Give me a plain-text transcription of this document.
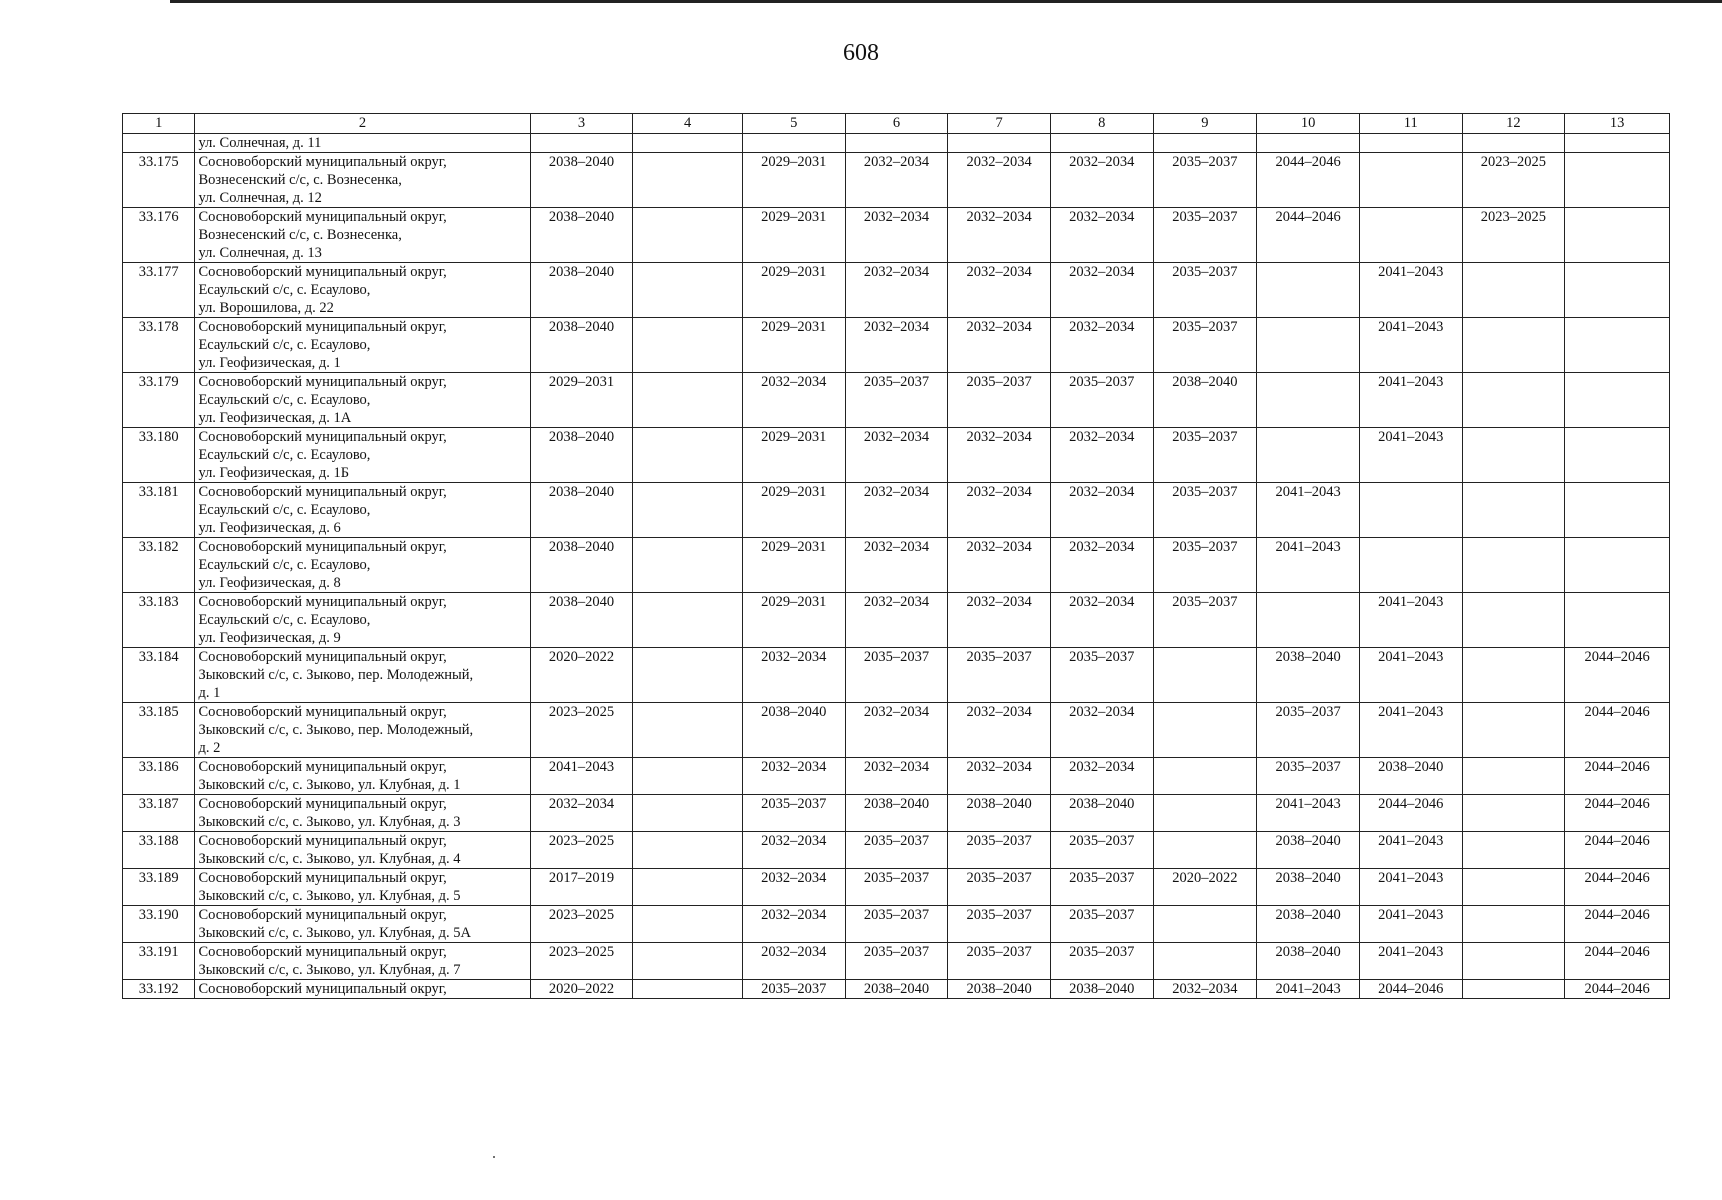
608
1	2	3	4	5	6	7	8	9	10	11	12	13

	ул. Солнечная, д. 11											

33.175	Сосновоборский муниципальный округ,
Вознесенский с/с, с. Вознесенка,
ул. Солнечная, д. 12	2038–2040		2029–2031	2032–2034	2032–2034	2032–2034	2035–2037	2044–2046		2023–2025	
33.176	Сосновоборский муниципальный округ,
Вознесенский с/с, с. Вознесенка,
ул. Солнечная, д. 13	2038–2040		2029–2031	2032–2034	2032–2034	2032–2034	2035–2037	2044–2046		2023–2025	
33.177	Сосновоборский муниципальный округ,
Есаульский с/с, с. Есаулово,
ул. Ворошилова, д. 22	2038–2040		2029–2031	2032–2034	2032–2034	2032–2034	2035–2037		2041–2043		
33.178	Сосновоборский муниципальный округ,
Есаульский с/с, с. Есаулово,
ул. Геофизическая, д. 1	2038–2040		2029–2031	2032–2034	2032–2034	2032–2034	2035–2037		2041–2043		
33.179	Сосновоборский муниципальный округ,
Есаульский с/с, с. Есаулово,
ул. Геофизическая, д. 1А	2029–2031		2032–2034	2035–2037	2035–2037	2035–2037	2038–2040		2041–2043		
33.180	Сосновоборский муниципальный округ,
Есаульский с/с, с. Есаулово,
ул. Геофизическая, д. 1Б	2038–2040		2029–2031	2032–2034	2032–2034	2032–2034	2035–2037		2041–2043		
33.181	Сосновоборский муниципальный округ,
Есаульский с/с, с. Есаулово,
ул. Геофизическая, д. 6	2038–2040		2029–2031	2032–2034	2032–2034	2032–2034	2035–2037	2041–2043			
33.182	Сосновоборский муниципальный округ,
Есаульский с/с, с. Есаулово,
ул. Геофизическая, д. 8	2038–2040		2029–2031	2032–2034	2032–2034	2032–2034	2035–2037	2041–2043			
33.183	Сосновоборский муниципальный округ,
Есаульский с/с, с. Есаулово,
ул. Геофизическая, д. 9	2038–2040		2029–2031	2032–2034	2032–2034	2032–2034	2035–2037		2041–2043		
33.184	Сосновоборский муниципальный округ,
Зыковский с/с, с. Зыково, пер. Молодежный,
д. 1	2020–2022		2032–2034	2035–2037	2035–2037	2035–2037		2038–2040	2041–2043		2044–2046
33.185	Сосновоборский муниципальный округ,
Зыковский с/с, с. Зыково, пер. Молодежный,
д. 2	2023–2025		2038–2040	2032–2034	2032–2034	2032–2034		2035–2037	2041–2043		2044–2046
33.186	Сосновоборский муниципальный округ,
Зыковский с/с, с. Зыково, ул. Клубная, д. 1	2041–2043		2032–2034	2032–2034	2032–2034	2032–2034		2035–2037	2038–2040		2044–2046
33.187	Сосновоборский муниципальный округ,
Зыковский с/с, с. Зыково, ул. Клубная, д. 3	2032–2034		2035–2037	2038–2040	2038–2040	2038–2040		2041–2043	2044–2046		2044–2046
33.188	Сосновоборский муниципальный округ,
Зыковский с/с, с. Зыково, ул. Клубная, д. 4	2023–2025		2032–2034	2035–2037	2035–2037	2035–2037		2038–2040	2041–2043		2044–2046
33.189	Сосновоборский муниципальный округ,
Зыковский с/с, с. Зыково, ул. Клубная, д. 5	2017–2019		2032–2034	2035–2037	2035–2037	2035–2037	2020–2022	2038–2040	2041–2043		2044–2046
33.190	Сосновоборский муниципальный округ,
Зыковский с/с, с. Зыково, ул. Клубная, д. 5А	2023–2025		2032–2034	2035–2037	2035–2037	2035–2037		2038–2040	2041–2043		2044–2046
33.191	Сосновоборский муниципальный округ,
Зыковский с/с, с. Зыково, ул. Клубная, д. 7	2023–2025		2032–2034	2035–2037	2035–2037	2035–2037		2038–2040	2041–2043		2044–2046
33.192	Сосновоборский муниципальный округ,	2020–2022		2035–2037	2038–2040	2038–2040	2038–2040	2032–2034	2041–2043	2044–2046		2044–2046
